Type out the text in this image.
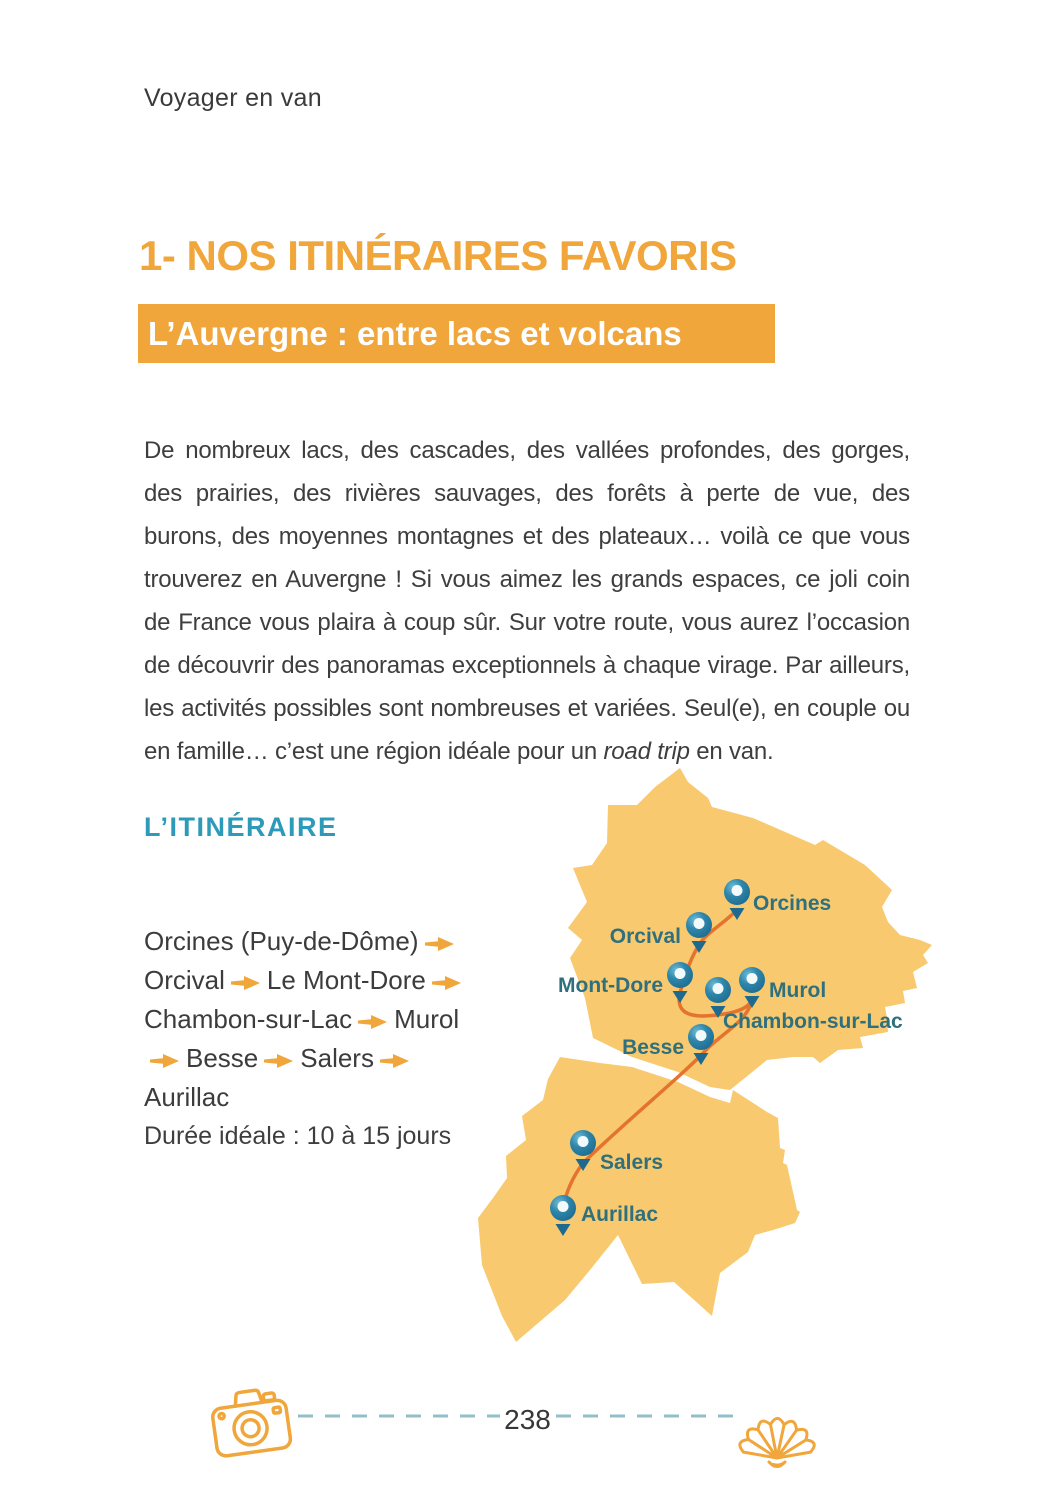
Voyager en van
1- NOS ITINÉRAIRES FAVORIS
L’Auvergne : entre lacs et volcans

De nombreux lacs, des cascades, des vallées profondes, des gorges, des prairies, des rivières sauvages, des forêts à perte de vue, des burons, des moyennes montagnes et des plateaux… voilà ce que vous trouverez en Auvergne ! Si vous aimez les grands espaces, ce joli coin de France vous plaira à coup sûr. Sur votre route, vous aurez l’occasion de découvrir des panoramas exceptionnels à chaque virage. Par ailleurs, les activités possibles sont nombreuses et variées. Seul(e), en couple ou en famille… c’est une région idéale pour un road trip en van.

L’ITINÉRAIRE

Orcines (Puy-de-Dôme)Orcival Le Mont-DoreChambon-sur-Lac MurolBesse SalersAurillac

Durée idéale : 10 à 15 jours
Orcines
Orcival
Mont-Dore	Murol
Chambon-sur-Lac
Besse
Salers
Aurillac
238
